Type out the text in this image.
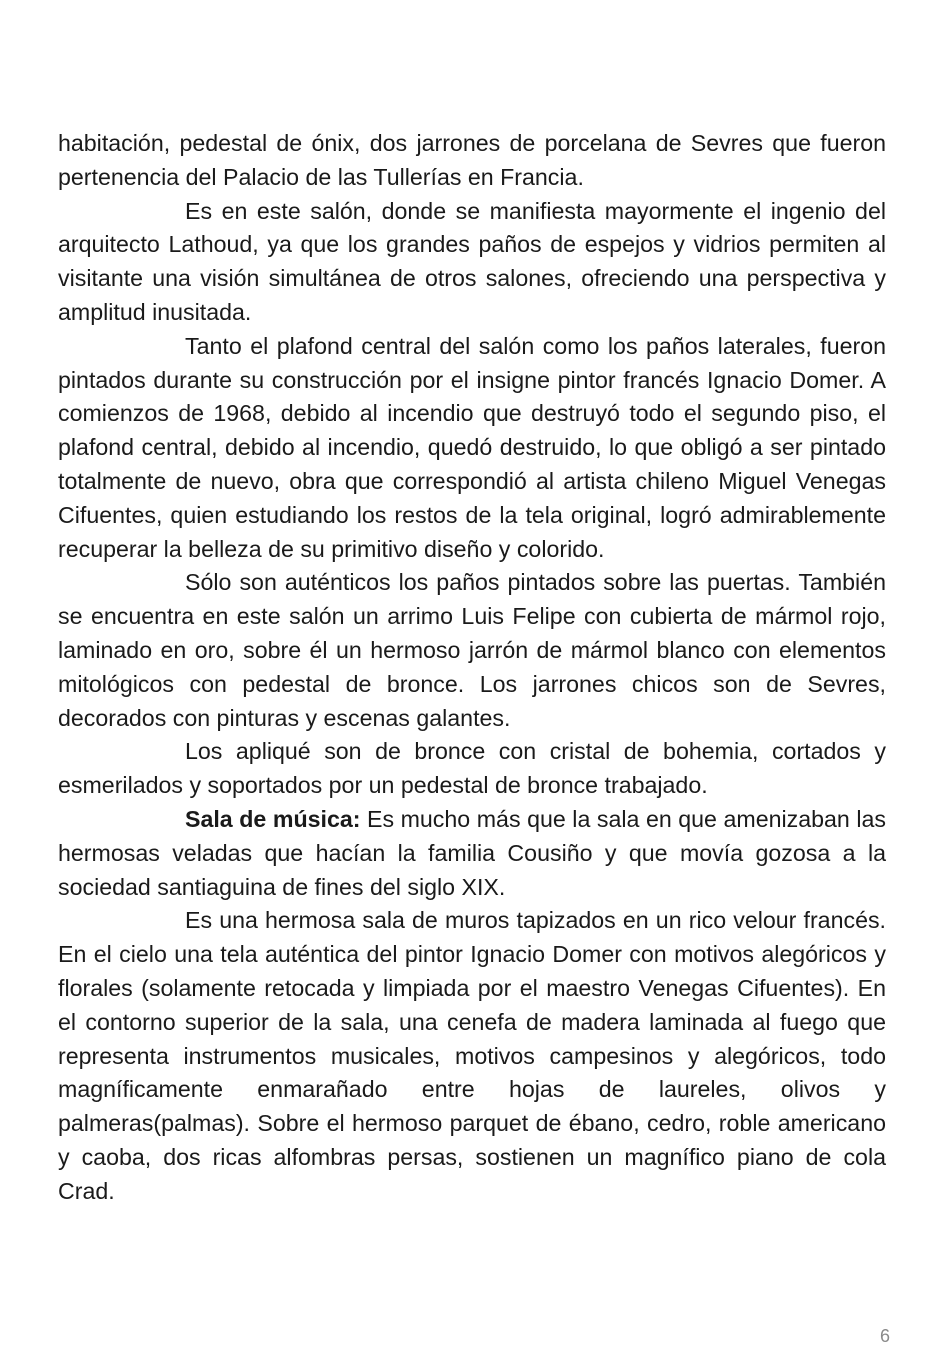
habitación, pedestal de ónix, dos jarrones de porcelana de Sevres que fueron pertenencia del Palacio de las Tullerías en Francia.

Es en este salón, donde se manifiesta mayormente el ingenio del arquitecto Lathoud, ya que los grandes paños de espejos y vidrios permiten al visitante una visión simultánea de otros salones, ofreciendo una perspectiva y amplitud inusitada.

Tanto el plafond central del salón como los paños laterales, fueron pintados durante su construcción por el insigne pintor francés Ignacio Domer. A comienzos de 1968, debido al incendio que destruyó todo el segundo piso, el plafond central, debido al incendio, quedó destruido, lo que obligó a ser pintado totalmente de nuevo, obra que correspondió al artista chileno Miguel Venegas Cifuentes, quien estudiando los restos de la tela original, logró admirablemente recuperar la belleza de su primitivo diseño y colorido.

Sólo son auténticos los paños pintados sobre las puertas. También se encuentra en este salón un arrimo Luis Felipe con cubierta de mármol rojo, laminado en oro, sobre él un hermoso jarrón de mármol blanco con elementos mitológicos con pedestal de bronce. Los jarrones chicos son de Sevres, decorados con pinturas y escenas galantes.

Los apliqué son de bronce con cristal de bohemia, cortados y esmerilados y soportados por un pedestal de bronce trabajado.

Sala de música: Es mucho más que la sala en que amenizaban las hermosas veladas que hacían la familia Cousiño y que movía gozosa a la sociedad santiaguina de fines del siglo XIX.

Es una hermosa sala de muros tapizados en un rico velour francés. En el cielo una tela auténtica del pintor Ignacio Domer con motivos alegóricos y florales (solamente retocada y limpiada por el maestro Venegas Cifuentes). En el contorno superior de la sala, una cenefa de madera laminada al fuego que representa instrumentos musicales, motivos campesinos y alegóricos, todo magníficamente enmarañado entre hojas de laureles, olivos y palmeras(palmas). Sobre el hermoso parquet de ébano, cedro, roble americano y caoba, dos ricas alfombras persas, sostienen un magnífico piano de cola Crad.

6
